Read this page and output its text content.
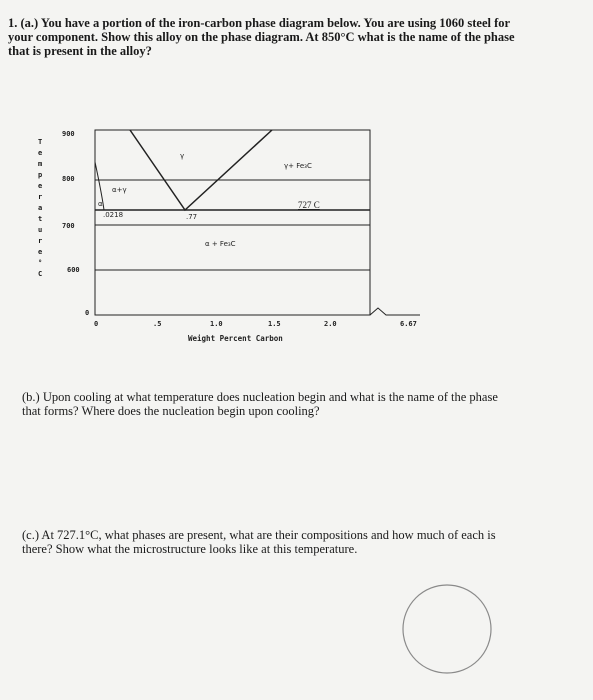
1. (a.) You have a portion of the iron-carbon phase diagram below. You are using 1060 steel for
your component. Show this alloy on the phase diagram. At 850°C what is the name of the phase
that is present in the alloy?
T
e
m
p
e
r
a
t
u
r
e
°
C
900
800
700
600
0
0	.5	1.0	1.5	2.0	6.67
Weight Percent Carbon
γ
γ+ Fe₃C
α+γ
α
α + Fe₃C
727 C
.0218	.77
(b.) Upon cooling at what temperature does nucleation begin and what is the name of the phase
that forms? Where does the nucleation begin upon cooling?
(c.) At 727.1°C, what phases are present, what are their compositions and how much of each is
there? Show what the microstructure looks like at this temperature.
